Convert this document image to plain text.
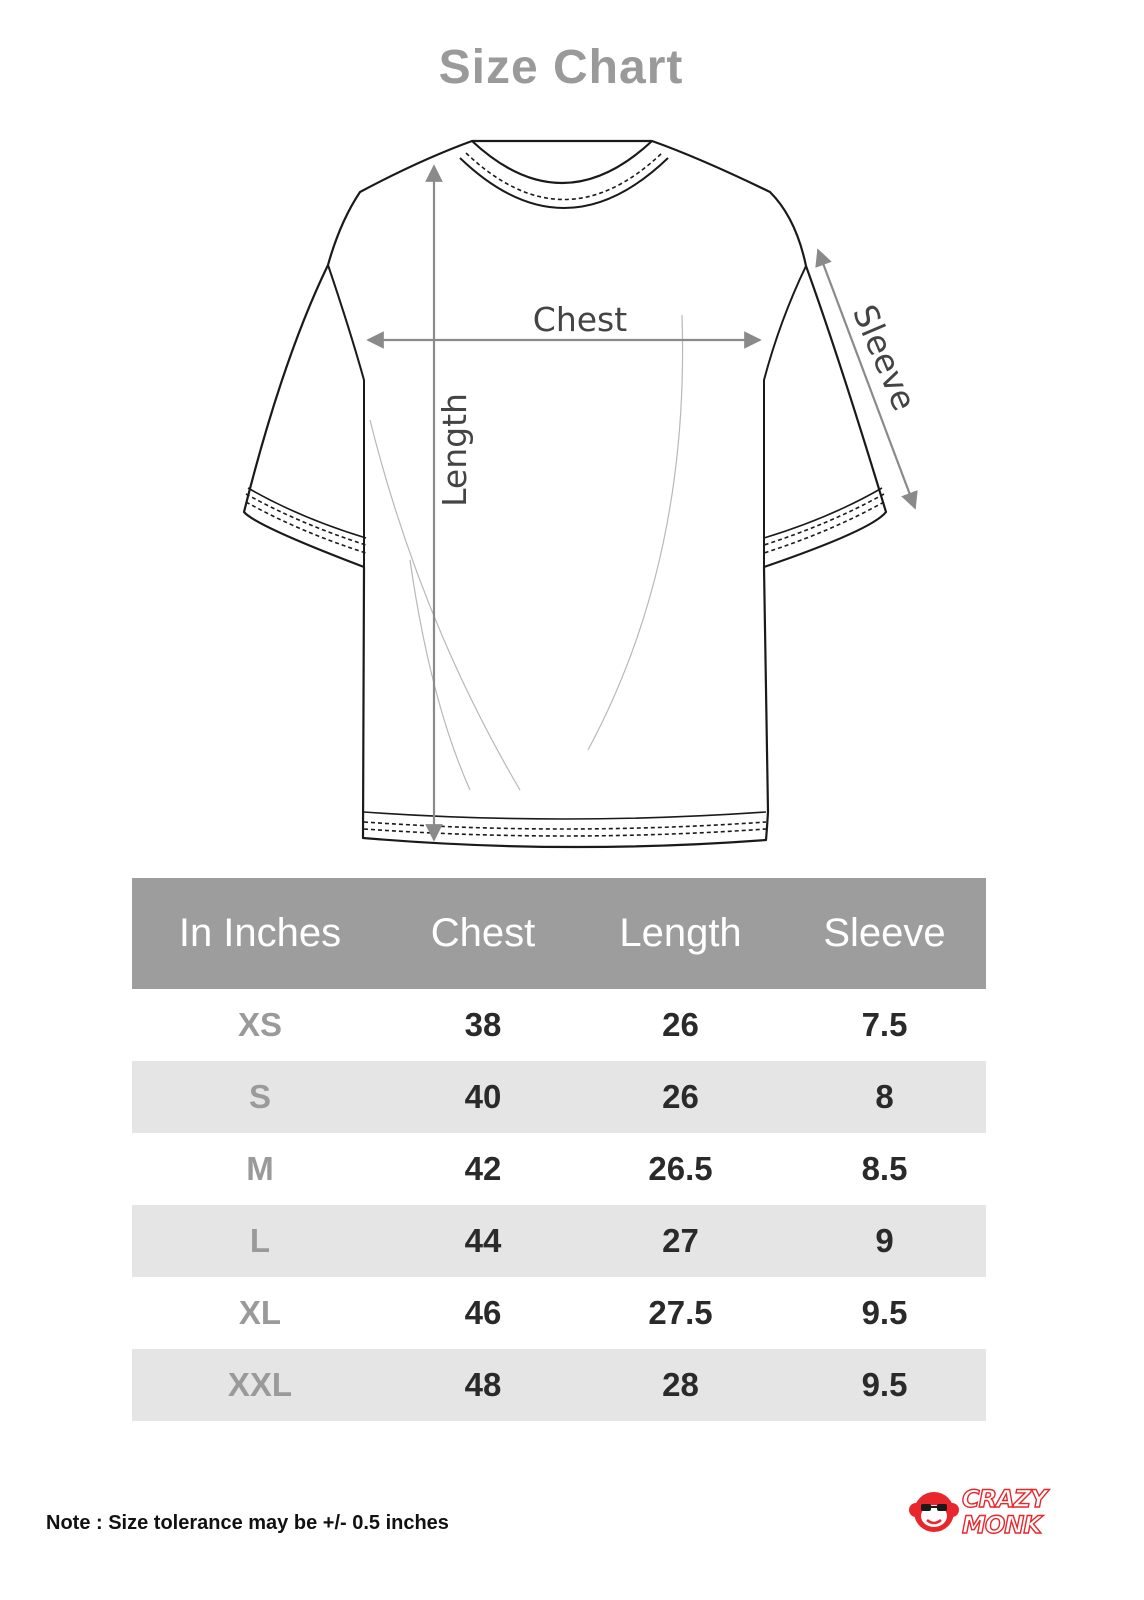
Size Chart
Chest
Length
Sleeve
In Inches	Chest	Length	Sleeve
XS	38	26	7.5
S	40	26	8
M	42	26.5	8.5
L	44	27	9
XL	46	27.5	9.5
XXL	48	28	9.5
Note : Size tolerance may be +/- 0.5 inches
CRAZY
MONK
